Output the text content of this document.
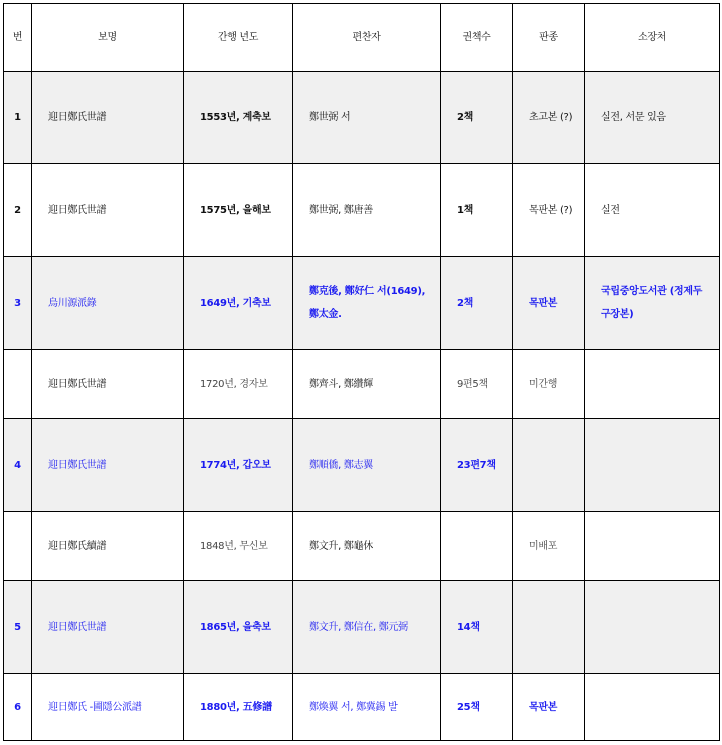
번	보명	간행 년도	편찬자	권책수	판종	소장처
1	迎日鄭氏世譜	1553년, 계축보	鄭世弼 서	2책	초고본 (?)	실전, 서문 있음
2	迎日鄭氏世譜	1575년, 을해보	鄭世弼, 鄭唐善	1책	목판본 (?)	실전
3	烏川源派錄	1649년, 기축보	鄭克後, 鄭好仁 서(1649), 鄭太金.	2책	목판본	국립중앙도서관 (정제두 구장본)
	迎日鄭氏世譜	1720년, 경자보	鄭齊斗, 鄭纘輝	9편5책	미간행	
4	迎日鄭氏世譜	1774년, 갑오보	鄭順僑, 鄭志翼	23편7책		
	迎日鄭氏續譜	1848년, 무신보	鄭文升, 鄭龜休		미배포	
5	迎日鄭氏世譜	1865년, 을축보	鄭文升, 鄭信在, 鄭元弼	14책		
6	迎日鄭氏 -圃隱公派譜	1880년, 五修譜	鄭煥翼 서, 鄭冀錫 발	25책	목판본	
